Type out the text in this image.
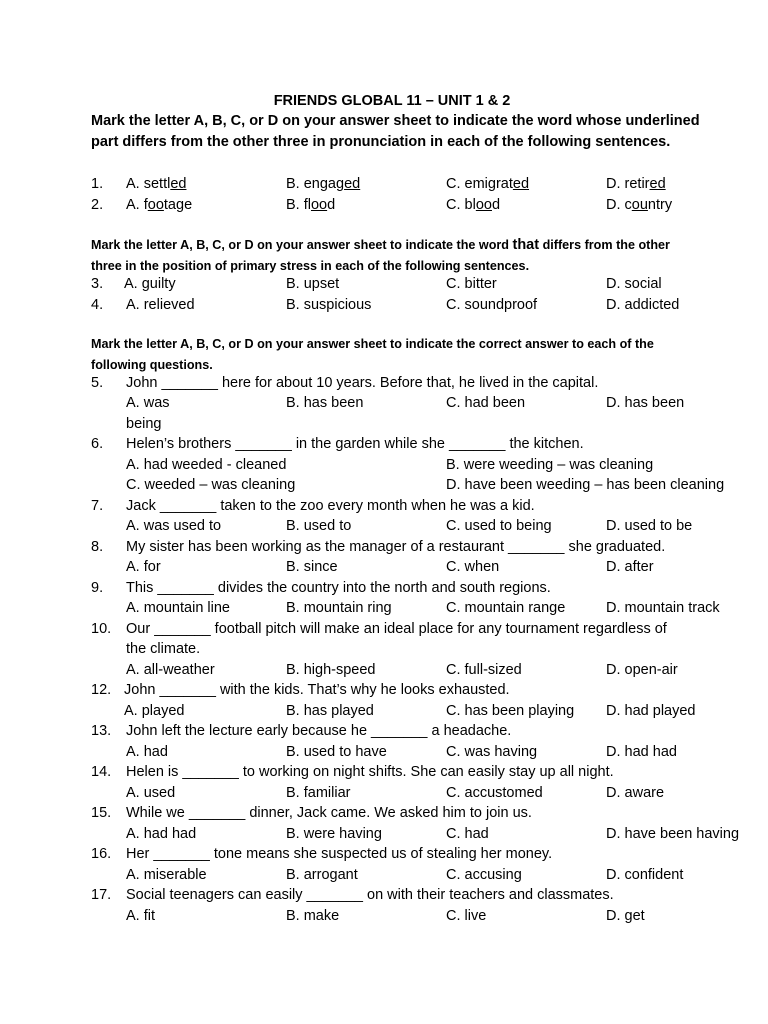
FRIENDS GLOBAL 11 – UNIT 1 & 2
Mark the letter A, B, C, or D on your answer sheet to indicate the word whose underlined part differs from the other three in pronunciation in each of the following sentences.
1. A. settled	B. engaged	C. emigrated	D. retired
2. A. footage	B. flood	C. blood	D. country
Mark the letter A, B, C, or D on your answer sheet to indicate the word that differs from the other three in the position of primary stress in each of the following sentences.
3. A. guilty	B. upset	C. bitter	D. social
4. A. relieved	B. suspicious	C. soundproof	D. addicted
Mark the letter A, B, C, or D on your answer sheet to indicate the correct answer to each of the following questions.
5. John _______ here for about 10 years. Before that, he lived in the capital.
A. was	B. has been	C. had been	D. has been
being
6. Helen’s brothers _______ in the garden while she _______ the kitchen.
A. had weeded - cleaned	B. were weeding – was cleaning
C. weeded – was cleaning	D. have been weeding – has been cleaning
7. Jack _______ taken to the zoo every month when he was a kid.
A. was used to	B. used to	C. used to being	D. used to be
8. My sister has been working as the manager of a restaurant _______ she graduated.
A. for	B. since	C. when	D. after
9. This _______ divides the country into the north and south regions.
A. mountain line	B. mountain ring	C. mountain range	D. mountain track
10. Our _______ football pitch will make an ideal place for any tournament regardless of
the climate.
A. all-weather	B. high-speed	C. full-sized	D. open-air
12. John _______ with the kids. That’s why he looks exhausted.
A. played	B. has played	C. has been playing D. had played
13. John left the lecture early because he _______ a headache.
A. had	B. used to have	C. was having	D. had had
14. Helen is _______ to working on night shifts. She can easily stay up all night.
A. used	B. familiar	C. accustomed	D. aware
15. While we _______ dinner, Jack came. We asked him to join us.
A. had had	B. were having	C. had	D. have been having
16. Her _______ tone means she suspected us of stealing her money.
A. miserable	B. arrogant	C. accusing	D. confident
17. Social teenagers can easily _______ on with their teachers and classmates.
A. fit	B. make	C. live	D. get
